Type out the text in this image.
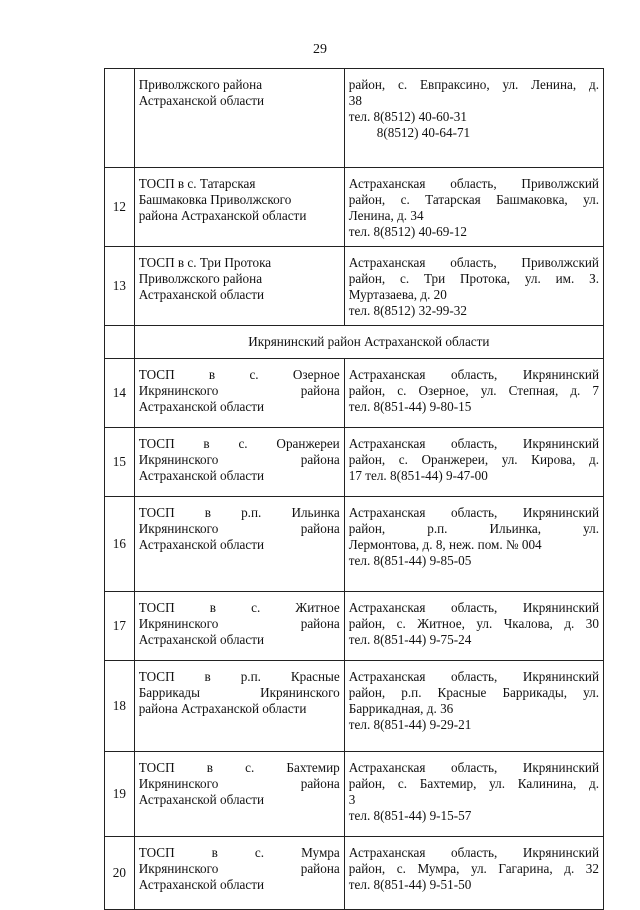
29

	Приволжского района
Астраханской области	район, с. Евпраксино, ул. Ленина, д.
38
тел. 8(8512) 40-60-31
8(8512) 40-64-71

12	ТОСП в с. Татарская
Башмаковка Приволжского
района Астраханской области	Астраханская область, Приволжский
район, с. Татарская Башмаковка, ул.
Ленина, д. 34
тел. 8(8512) 40-69-12

13	ТОСП в с. Три Протока
Приволжского района
Астраханской области	Астраханская область, Приволжский
район, с. Три Протока, ул. им. З.
Муртазаева, д. 20
тел. 8(8512) 32-99-32

	Икрянинский район Астраханской области	
14	ТОСП в с. Озерное
Икрянинского района
Астраханской области	Астраханская область, Икрянинский
район, с. Озерное, ул. Степная, д. 7
тел. 8(851-44) 9-80-15

15	ТОСП в с. Оранжереи
Икрянинского района
Астраханской области	Астраханская область, Икрянинский
район, с. Оранжереи, ул. Кирова, д.
17 тел. 8(851-44) 9-47-00

16	ТОСП в р.п. Ильинка
Икрянинского района
Астраханской области	Астраханская область, Икрянинский
район, р.п. Ильинка, ул.
Лермонтова, д. 8, неж. пом. № 004
тел. 8(851-44) 9-85-05

17	ТОСП в с. Житное
Икрянинского района
Астраханской области	Астраханская область, Икрянинский
район, с. Житное, ул. Чкалова, д. 30
тел. 8(851-44) 9-75-24

18	ТОСП в р.п. Красные
Баррикады Икрянинского
района Астраханской области	Астраханская область, Икрянинский
район, р.п. Красные Баррикады, ул.
Баррикадная, д. 36
тел. 8(851-44) 9-29-21

19	ТОСП в с. Бахтемир
Икрянинского района
Астраханской области	Астраханская область, Икрянинский
район, с. Бахтемир, ул. Калинина, д.
3
тел. 8(851-44) 9-15-57

20	ТОСП в с. Мумра
Икрянинского района
Астраханской области	Астраханская область, Икрянинский
район, с. Мумра, ул. Гагарина, д. 32
тел. 8(851-44) 9-51-50
